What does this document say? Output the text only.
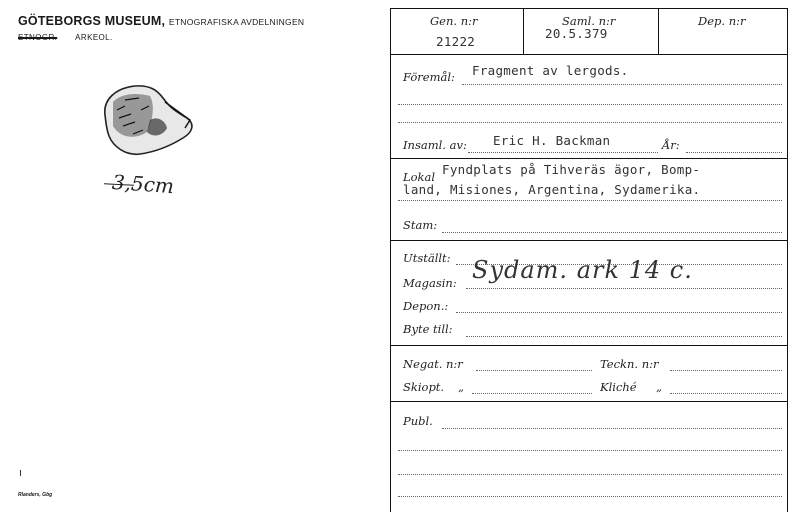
GÖTEBORGS MUSEUM, ETNOGRAFISKA AVDELNINGEN
ETNOGR. ARKEOL.
3,5cm
Rlanders, Gbg
Gen. n:r
21222
Saml. n:r
20.5.379
Dep. n:r
Föremål: Fragment av lergods.
Insaml. av: Eric H. Backman	År:
Lokal Fyndplats på Tihveräs ägor, Bomp-
land, Misiones, Argentina, Sydamerika.
Stam:
Utställt:
Magasin: Sydam. ark 14 c.
Depon.:
Byte till:
Negat. n:r	Teckn. n:r
Skiopt. „	Kliché „
Publ.
